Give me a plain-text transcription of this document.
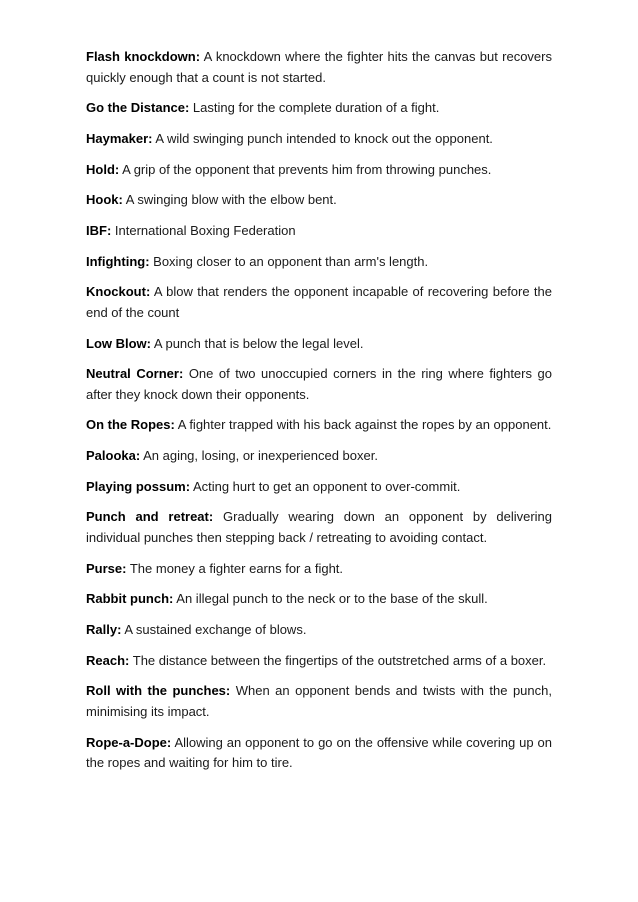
Flash knockdown: A knockdown where the fighter hits the canvas but recovers quickly enough that a count is not started.

Go the Distance: Lasting for the complete duration of a fight.

Haymaker: A wild swinging punch intended to knock out the opponent.

Hold: A grip of the opponent that prevents him from throwing punches.

Hook: A swinging blow with the elbow bent.

IBF: International Boxing Federation

Infighting: Boxing closer to an opponent than arm's length.

Knockout: A blow that renders the opponent incapable of recovering before the end of the count

Low Blow: A punch that is below the legal level.

Neutral Corner: One of two unoccupied corners in the ring where fighters go after they knock down their opponents.

On the Ropes: A fighter trapped with his back against the ropes by an opponent.

Palooka: An aging, losing, or inexperienced boxer.

Playing possum: Acting hurt to get an opponent to over-commit.

Punch and retreat: Gradually wearing down an opponent by delivering individual punches then stepping back / retreating to avoiding contact.

Purse: The money a fighter earns for a fight.

Rabbit punch: An illegal punch to the neck or to the base of the skull.

Rally: A sustained exchange of blows.

Reach: The distance between the fingertips of the outstretched arms of a boxer.

Roll with the punches: When an opponent bends and twists with the punch, minimising its impact.

Rope-a-Dope: Allowing an opponent to go on the offensive while covering up on the ropes and waiting for him to tire.
